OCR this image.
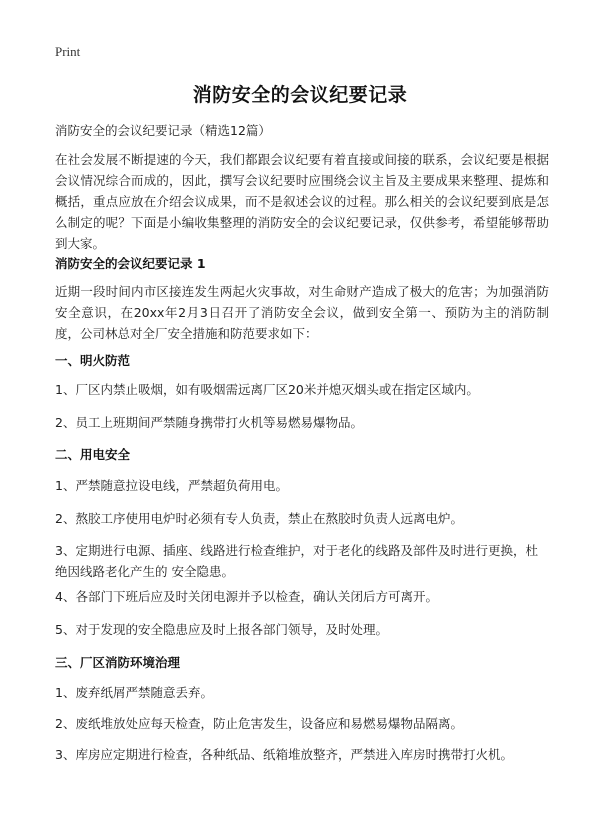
Print
消防安全的会议纪要记录
消防安全的会议纪要记录（精选12篇）
在社会发展不断提速的今天，我们都跟会议纪要有着直接或间接的联系，会议纪要是根据会议情况综合而成的，因此，撰写会议纪要时应围绕会议主旨及主要成果来整理、提炼和概括，重点应放在介绍会议成果，而不是叙述会议的过程。那么相关的会议纪要到底是怎么制定的呢？下面是小编收集整理的消防安全的会议纪要记录，仅供参考，希望能够帮助到大家。
消防安全的会议纪要记录 1
近期一段时间内市区接连发生两起火灾事故，对生命财产造成了极大的危害；为加强消防安全意识，在20xx年2月3日召开了消防安全会议，做到安全第一、预防为主的消防制度，公司林总对全厂安全措施和防范要求如下：
一、明火防范
1、厂区内禁止吸烟，如有吸烟需远离厂区20米并熄灭烟头或在指定区域内。
2、员工上班期间严禁随身携带打火机等易燃易爆物品。
二、用电安全
1、严禁随意拉设电线，严禁超负荷用电。
2、熬胶工序使用电炉时必须有专人负责，禁止在熬胶时负责人远离电炉。
3、定期进行电源、插座、线路进行检查维护，对于老化的线路及部件及时进行更换，杜绝因线路老化产生的 安全隐患。
4、各部门下班后应及时关闭电源并予以检查，确认关闭后方可离开。
5、对于发现的安全隐患应及时上报各部门领导，及时处理。
三、厂区消防环境治理
1、废弃纸屑严禁随意丢弃。
2、废纸堆放处应每天检查，防止危害发生，设备应和易燃易爆物品隔离。
3、库房应定期进行检查，各种纸品、纸箱堆放整齐，严禁进入库房时携带打火机。
